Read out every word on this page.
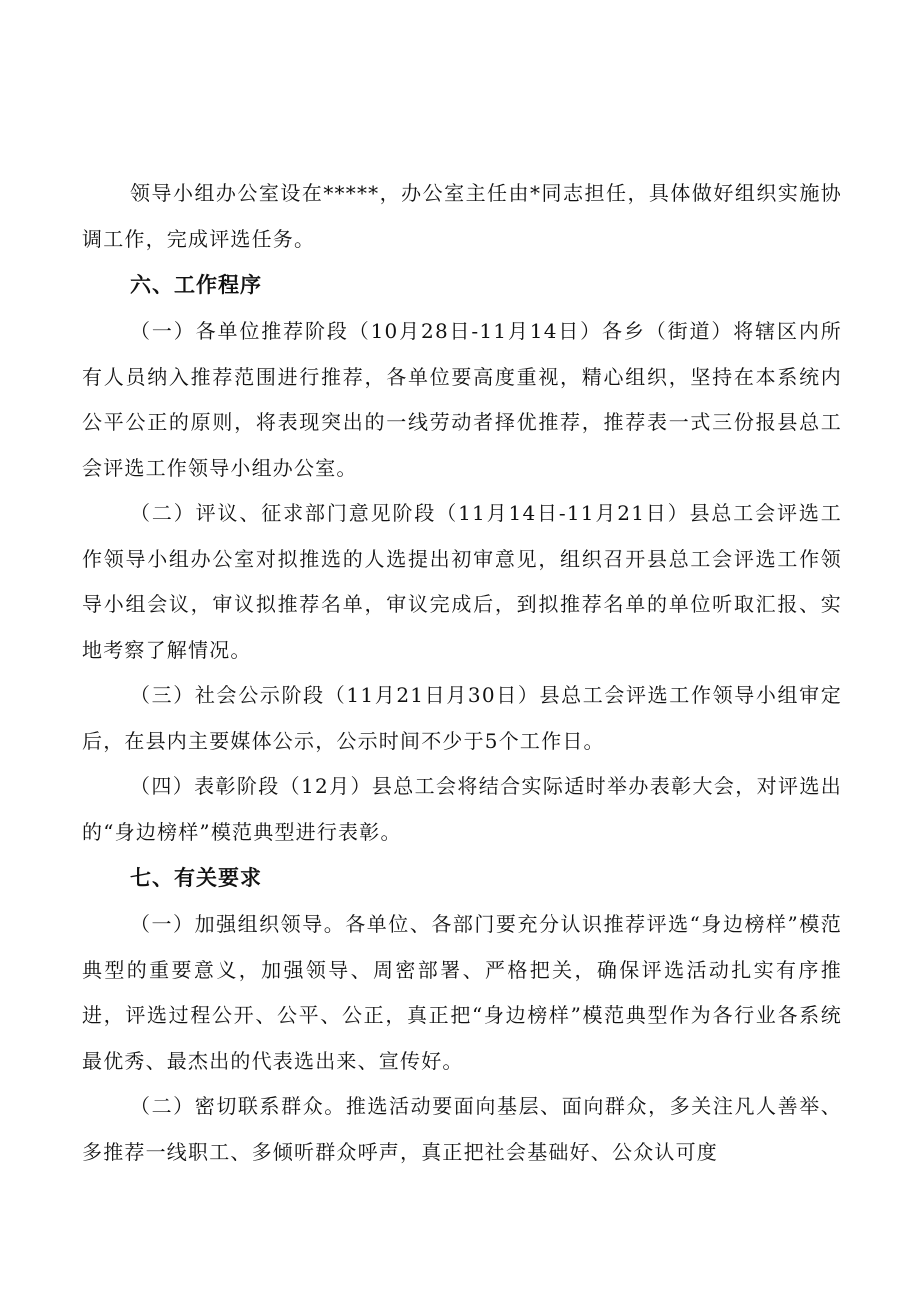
领导小组办公室设在*****，办公室主任由*同志担任，具体做好组织实施协调工作，完成评选任务。

六、工作程序

（一）各单位推荐阶段（10月28日-11月14日）各乡（街道）将辖区内所有人员纳入推荐范围进行推荐，各单位要高度重视，精心组织，坚持在本系统内公平公正的原则，将表现突出的一线劳动者择优推荐，推荐表一式三份报县总工会评选工作领导小组办公室。

（二）评议、征求部门意见阶段（11月14日-11月21日）县总工会评选工作领导小组办公室对拟推选的人选提出初审意见，组织召开县总工会评选工作领导小组会议，审议拟推荐名单，审议完成后，到拟推荐名单的单位听取汇报、实地考察了解情况。

（三）社会公示阶段（11月21日月30日）县总工会评选工作领导小组审定后，在县内主要媒体公示，公示时间不少于5个工作日。

（四）表彰阶段（12月）县总工会将结合实际适时举办表彰大会，对评选出的“身边榜样”模范典型进行表彰。

七、有关要求

（一）加强组织领导。各单位、各部门要充分认识推荐评选“身边榜样”模范典型的重要意义，加强领导、周密部署、严格把关，确保评选活动扎实有序推进，评选过程公开、公平、公正，真正把“身边榜样”模范典型作为各行业各系统最优秀、最杰出的代表选出来、宣传好。

（二）密切联系群众。推选活动要面向基层、面向群众，多关注凡人善举、多推荐一线职工、多倾听群众呼声，真正把社会基础好、公众认可度
